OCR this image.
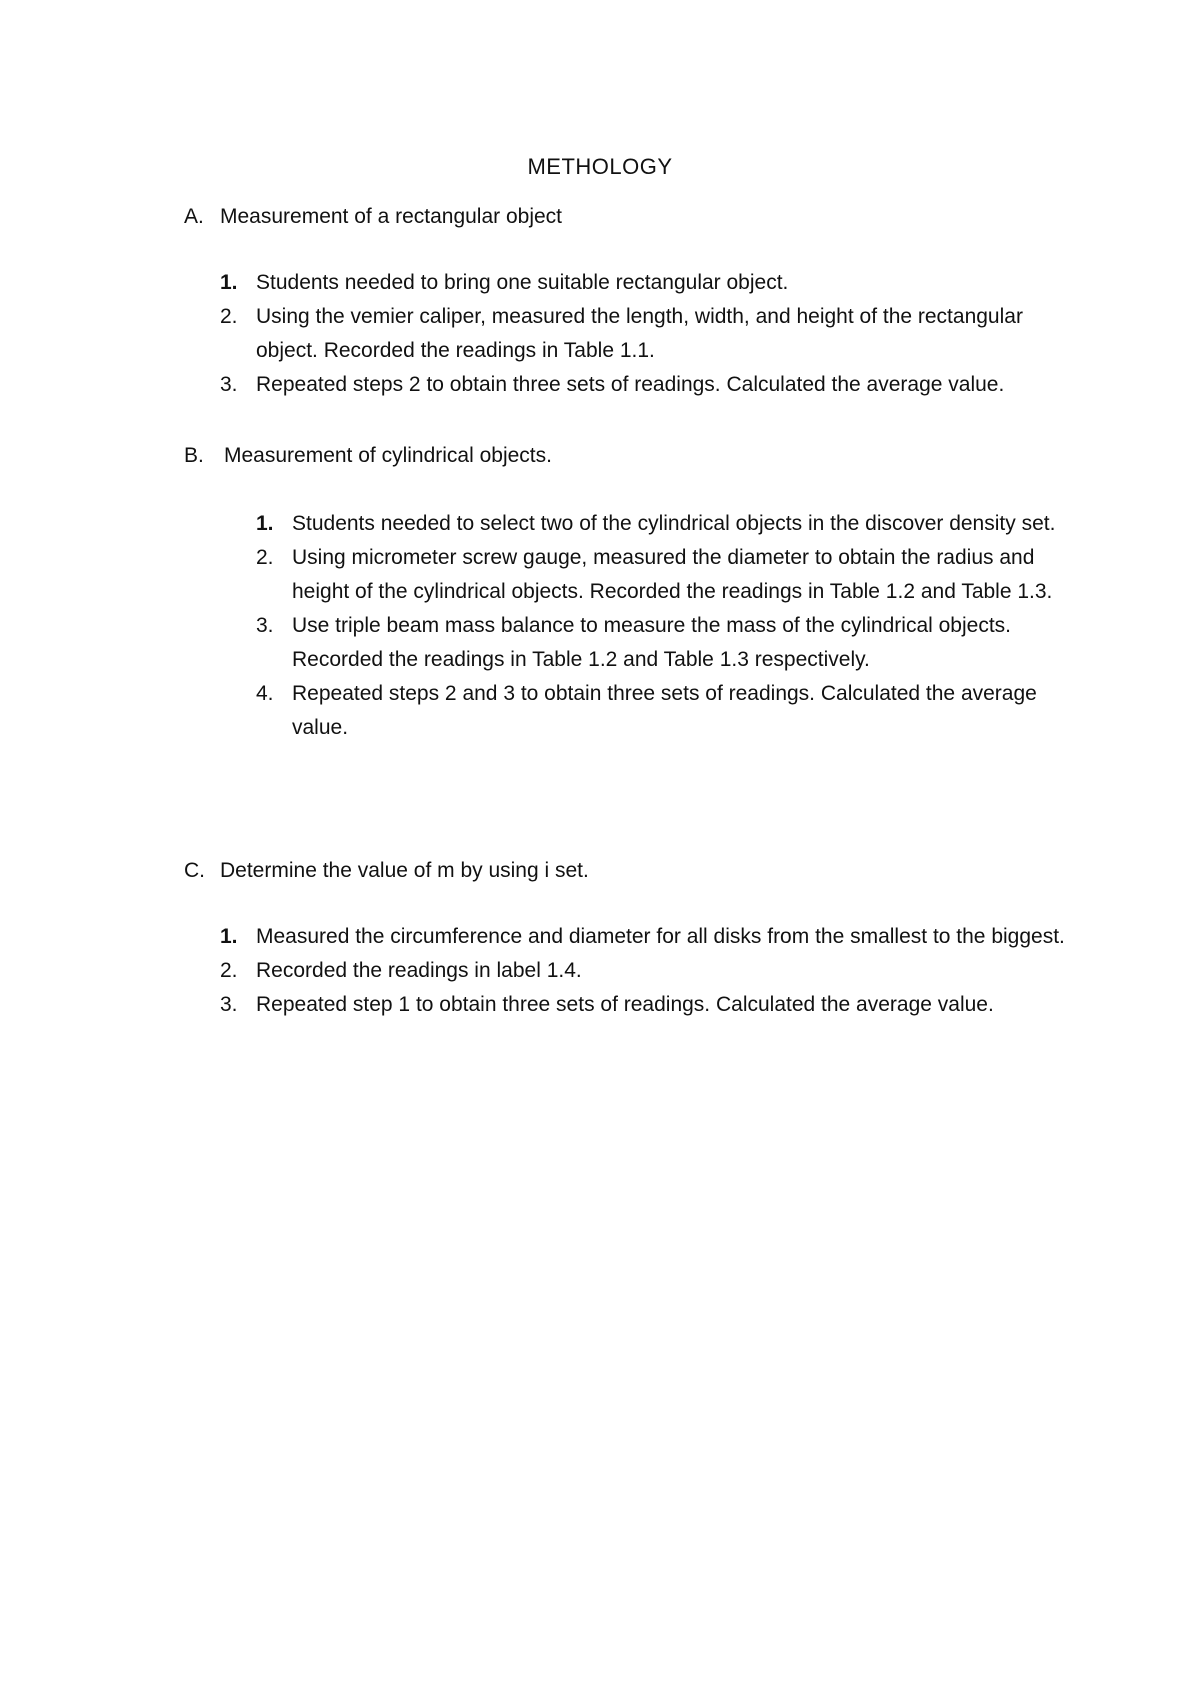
METHOLOGY
A. Measurement of a rectangular object
1. Students needed to bring one suitable rectangular object.
2. Using the vemier caliper, measured the length, width, and height of the rectangular object. Recorded the readings in Table 1.1.
3. Repeated steps 2 to obtain three sets of readings. Calculated the average value.
B. Measurement of cylindrical objects.
1. Students needed to select two of the cylindrical objects in the discover density set.
2. Using micrometer screw gauge, measured the diameter to obtain the radius and height of the cylindrical objects. Recorded the readings in Table 1.2 and Table 1.3.
3. Use triple beam mass balance to measure the mass of the cylindrical objects. Recorded the readings in Table 1.2 and Table 1.3 respectively.
4. Repeated steps 2 and 3 to obtain three sets of readings. Calculated the average value.
C. Determine the value of m by using i set.
1. Measured the circumference and diameter for all disks from the smallest to the biggest.
2. Recorded the readings in label 1.4.
3. Repeated step 1 to obtain three sets of readings. Calculated the average value.
